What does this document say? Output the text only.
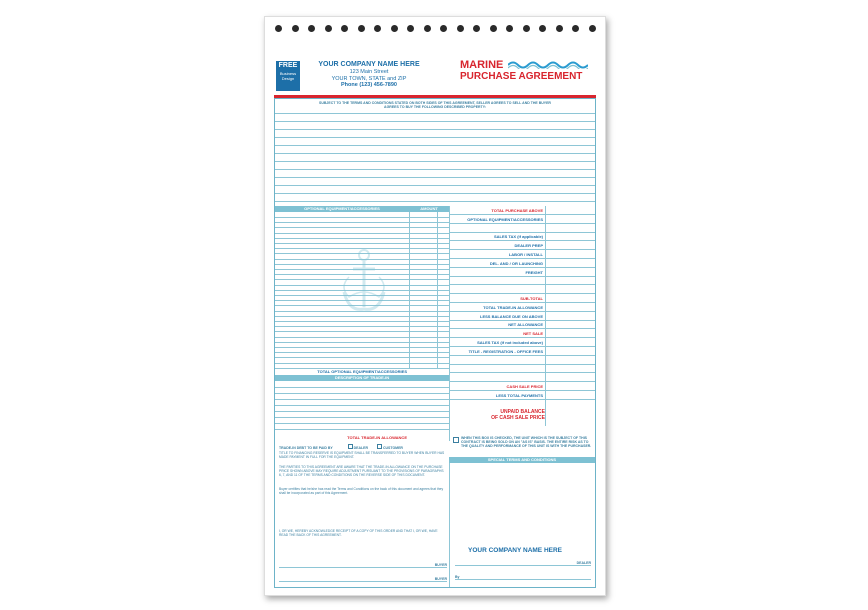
FREE
Business
Design
YOUR COMPANY NAME HERE
123 Main Street
YOUR TOWN, STATE and ZIP
Phone (123) 456-7890
MARINE
PURCHASE AGREEMENT
SUBJECT TO THE TERMS AND CONDITIONS STATED ON BOTH SIDES OF THIS AGREEMENT, SELLER AGREES TO SELL AND THE BUYER AGREES TO BUY THE FOLLOWING DESCRIBED PROPERTY:
OPTIONAL EQUIPMENT/ACCESSORIES	AMOUNT
TOTAL OPTIONAL EQUIPMENT/ACCESSORIES
DESCRIPTION OF TRADE-IN
TOTAL TRADE-IN ALLOWANCE
TRADE-IN DEBT TO BE PAID BY	DEALER	CUSTOMER
TITLE TO FINANCING RESERVE IS EQUIPMENT SHALL BE TRANSFERRED TO BUYER WHEN BUYER HAS MADE PAYMENT IN FULL FOR THE EQUIPMENT.
THE PARTIES TO THIS AGREEMENT ARE AWARE THAT THE TRADE-IN ALLOWANCE ON THE PURCHASE PRICE SHOWN ABOVE MAY REQUIRE ADJUSTMENT PURSUANT TO THE PROVISIONS OF PARAGRAPHS 6, 7, AND 11 OF THE TERMS AND CONDITIONS ON THE REVERSE SIDE OF THIS DOCUMENT.
Buyer certifies that he/she has read the Terms and Conditions on the back of this document and agrees that they shall be incorporated as part of this Agreement.
I, OR WE, HEREBY ACKNOWLEDGE RECEIPT OF A COPY OF THIS ORDER AND THAT I, OR WE, HAVE READ THE BACK OF THIS AGREEMENT.
BUYER
BUYER
TOTAL PURCHASE ABOVE
OPTIONAL EQUIPMENT/ACCESSORIES
SALES TAX (if applicable)
DEALER PREP
LABOR / INSTALL
DEL. AND / OR LAUNCHING
FREIGHT
SUB-TOTAL
TOTAL TRADE-IN ALLOWANCE
LESS BALANCE DUE ON ABOVE
NET ALLOWANCE
NET SALE
SALES TAX (if not included above)
TITLE - REGISTRATION - OFFICE FEES
CASH SALE PRICE
LESS TOTAL PAYMENTS
UNPAID BALANCE
OF CASH SALE PRICE
WHEN THIS BOX IS CHECKED, THE UNIT WHICH IS THE SUBJECT OF THIS CONTRACT IS BEING SOLD ON AN "AS IS" BASIS. THE ENTIRE RISK AS TO THE QUALITY AND PERFORMANCE OF THIS UNIT IS WITH THE PURCHASER.
SPECIAL TERMS AND CONDITIONS
YOUR COMPANY NAME HERE
DEALER
By
